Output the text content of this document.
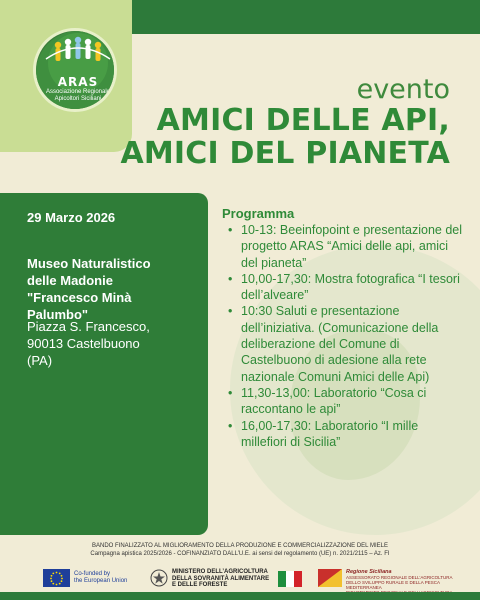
ARAS
Associazione Regionale
Apicoltori Siciliani	evento
AMICI DELLE API,
AMICI DEL PIANETA
29 Marzo 2026
Museo Naturalistico
delle Madonie
"Francesco Minà
Palumbo"
Piazza S. Francesco,
90013 Castelbuono
(PA)
Programma
• 10-13: Beeinfopoint e presentazione del progetto ARAS “Amici delle api, amici del pianeta”
• 10,00-17,30: Mostra fotografica “I tesori dell’alveare”
• 10:30 Saluti e presentazione dell’iniziativa. (Comunicazione della deliberazione del Comune di Castelbuono di adesione alla rete nazionale Comuni Amici delle Api)
• 11,30-13,00: Laboratorio “Cosa ci raccontano le api”
• 16,00-17,30: Laboratorio “I mille millefiori di Sicilia”
BANDO FINALIZZATO AL MIGLIORAMENTO DELLA PRODUZIONE E COMMERCIALIZZAZIONE DEL MIELE
Campagna apistica 2025/2026 - COFINANZIATO DALL’U.E. ai sensi del regolamento (UE) n. 2021/2115 – Az. FI
Co-funded by
the European Union
MINISTERO DELL’AGRICOLTURA
DELLA SOVRANITÀ ALIMENTARE
E DELLE FORESTE
Regione Siciliana
ASSESSORATO REGIONALE DELL’AGRICOLTURA
DELLO SVILUPPO RURALE E DELLA PESCA MEDITERRANEA
